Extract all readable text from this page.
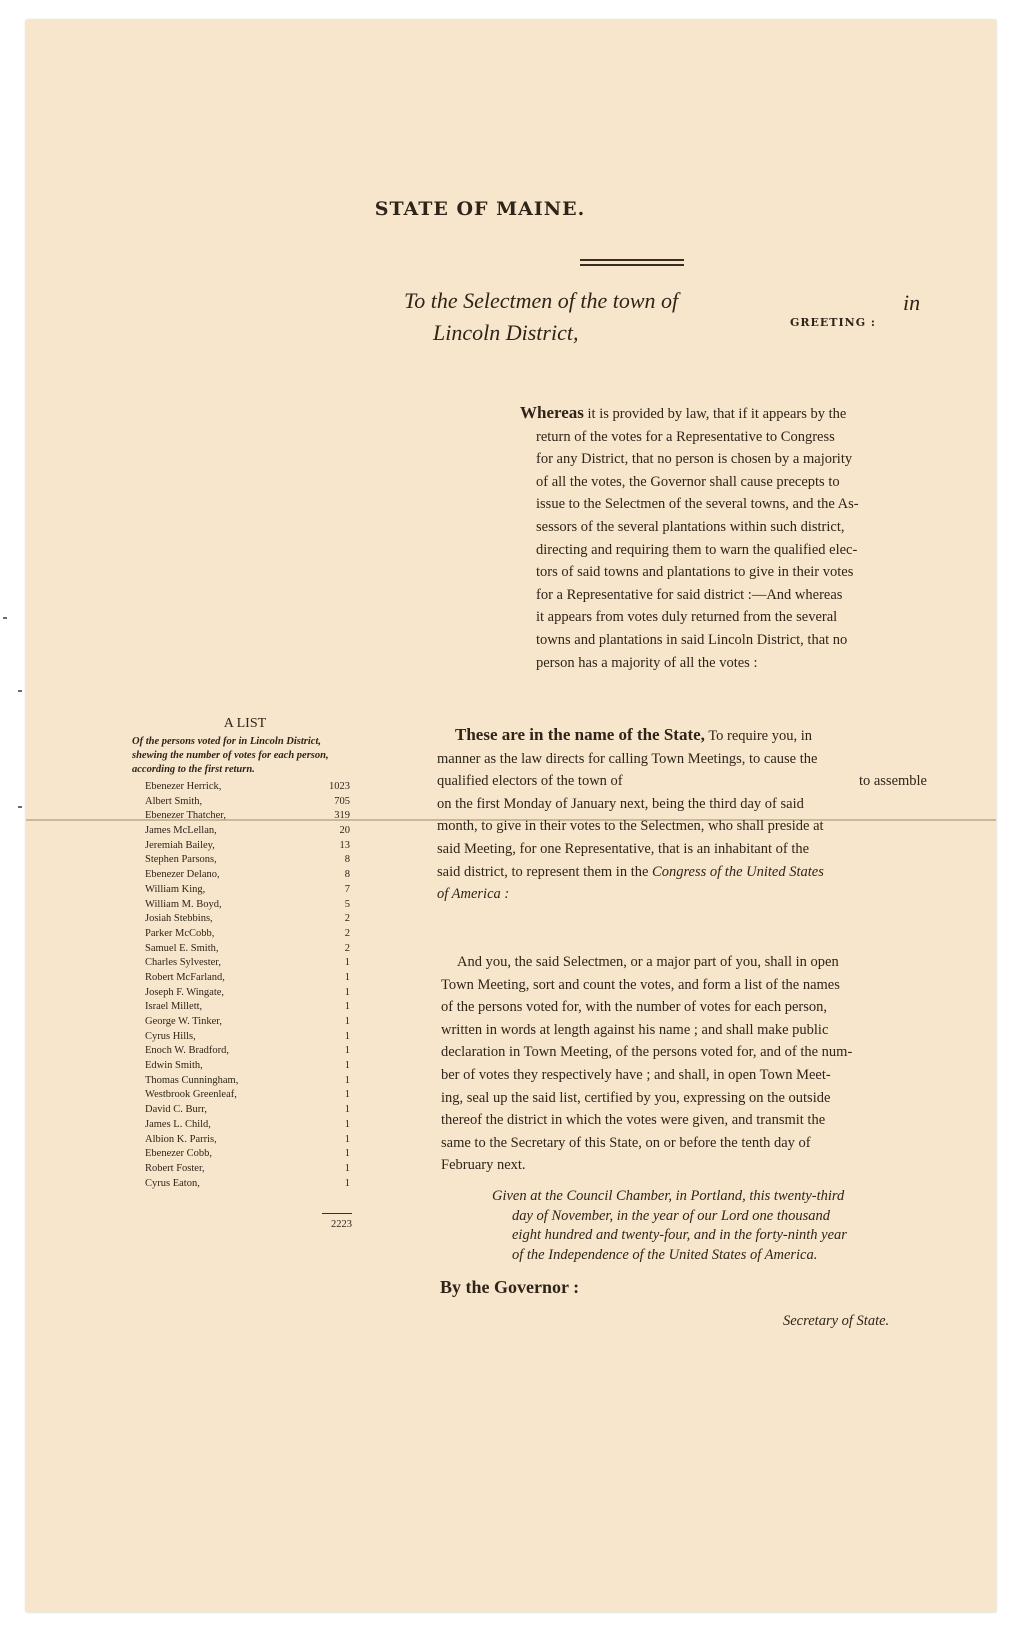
STATE OF MAINE.
To the Selectmen of the town of	in
Lincoln District,	GREETING :
Whereas it is provided by law, that if it appears by the
return of the votes for a Representative to Congress
for any District, that no person is chosen by a majority
of all the votes, the Governor shall cause precepts to
issue to the Selectmen of the several towns, and the As-
sessors of the several plantations within such district,
directing and requiring them to warn the qualified elec-
tors of said towns and plantations to give in their votes
for a Representative for said district :—And whereas
it appears from votes duly returned from the several
towns and plantations in said Lincoln District, that no
person has a majority of all the votes :
These are in the name of the State, To require you, in
manner as the law directs for calling Town Meetings, to cause the
qualified electors of the town of	to assemble
on the first Monday of January next, being the third day of said
month, to give in their votes to the Selectmen, who shall preside at
said Meeting, for one Representative, that is an inhabitant of the
said district, to represent them in the Congress of the United States
of America :
And you, the said Selectmen, or a major part of you, shall in open
Town Meeting, sort and count the votes, and form a list of the names
of the persons voted for, with the number of votes for each person,
written in words at length against his name ; and shall make public
declaration in Town Meeting, of the persons voted for, and of the num-
ber of votes they respectively have ; and shall, in open Town Meet-
ing, seal up the said list, certified by you, expressing on the outside
thereof the district in which the votes were given, and transmit the
same to the Secretary of this State, on or before the tenth day of
February next.
Given at the Council Chamber, in Portland, this twenty-third
day of November, in the year of our Lord one thousand
eight hundred and twenty-four, and in the forty-ninth year
of the Independence of the United States of America.
By the Governor :
Secretary of State.
A LIST
Of the persons voted for in Lincoln District, shewing the number of votes for each person, according to the first return.
Ebenezer Herrick,	1023
Albert Smith,	705
Ebenezer Thatcher,	319
James McLellan,	20
Jeremiah Bailey,	13
Stephen Parsons,	8
Ebenezer Delano,	8
William King,	7
William M. Boyd,	5
Josiah Stebbins,	2
Parker McCobb,	2
Samuel E. Smith,	2
Charles Sylvester,	1
Robert McFarland,	1
Joseph F. Wingate,	1
Israel Millett,	1
George W. Tinker,	1
Cyrus Hills,	1
Enoch W. Bradford,	1
Edwin Smith,	1
Thomas Cunningham,	1
Westbrook Greenleaf,	1
David C. Burr,	1
James L. Child,	1
Albion K. Parris,	1
Ebenezer Cobb,	1
Robert Foster,	1
Cyrus Eaton,	1
2223
